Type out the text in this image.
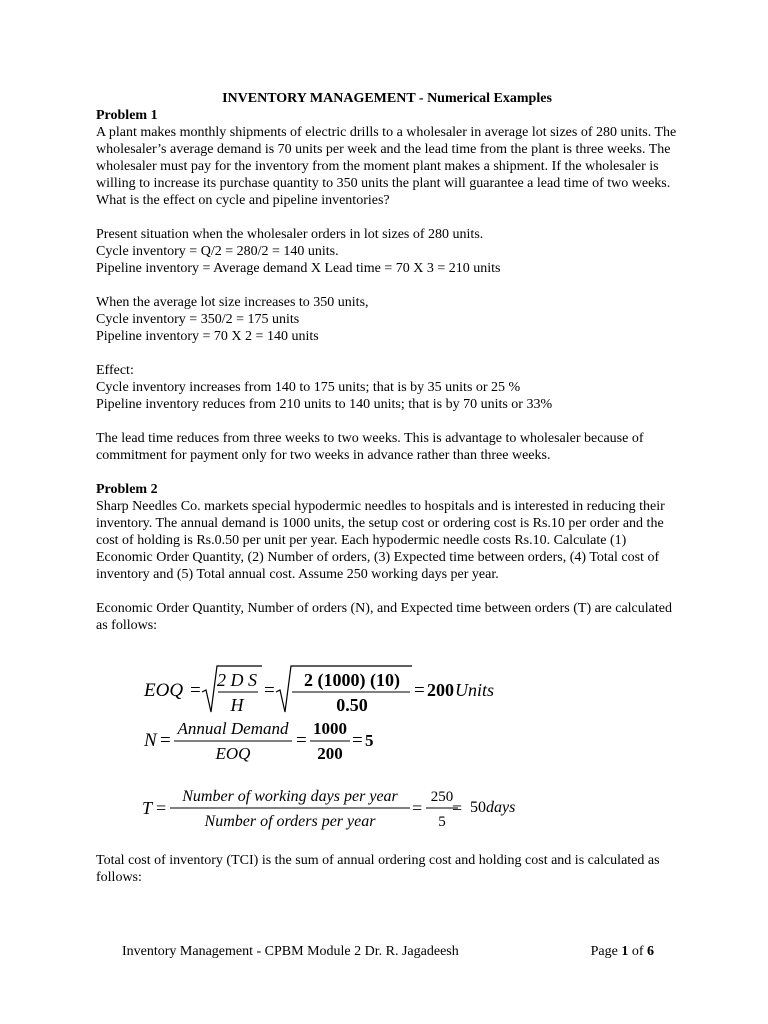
INVENTORY MANAGEMENT - Numerical Examples

Problem 1

A plant makes monthly shipments of electric drills to a wholesaler in average lot sizes of 280 units. The wholesaler’s average demand is 70 units per week and the lead time from the plant is three weeks. The wholesaler must pay for the inventory from the moment plant makes a shipment. If the wholesaler is willing to increase its purchase quantity to 350 units the plant will guarantee a lead time of two weeks. What is the effect on cycle and pipeline inventories?

Present situation when the wholesaler orders in lot sizes of 280 units.

Cycle inventory = Q/2 = 280/2 = 140 units.

Pipeline inventory = Average demand X Lead time = 70 X 3 = 210 units

When the average lot size increases to 350 units,

Cycle inventory = 350/2 = 175 units

Pipeline inventory = 70 X 2 = 140 units

Effect:

Cycle inventory increases from 140 to 175 units; that is by 35 units or 25 %

Pipeline inventory reduces from 210 units to 140 units; that is by 70 units or 33%

The lead time reduces from three weeks to two weeks. This is advantage to wholesaler because of commitment for payment only for two weeks in advance rather than three weeks.

Problem 2

Sharp Needles Co. markets special hypodermic needles to hospitals and is interested in reducing their inventory. The annual demand is 1000 units, the setup cost or ordering cost is Rs.10 per order and the cost of holding is Rs.0.50 per unit per year. Each hypodermic needle costs Rs.10. Calculate (1) Economic Order Quantity, (2) Number of orders, (3) Expected time between orders, (4) Total cost of inventory and (5) Total annual cost. Assume 250 working days per year.

Economic Order Quantity, Number of orders (N), and Expected time between orders (T) are calculated as follows:

EOQ = 2 D S
H
= 2 (1000) (10)
0.50
= 200 Units
N =
Annual Demand
EOQ
=
1000
200
= 5
T =
Number of working days per year
Number of orders per year
=
250
5
= 50 days

Total cost of inventory (TCI) is the sum of annual ordering cost and holding cost and is calculated as follows:

Inventory Management - CPBM Module 2 Dr. R. Jagadeesh	Page 1 of 6
